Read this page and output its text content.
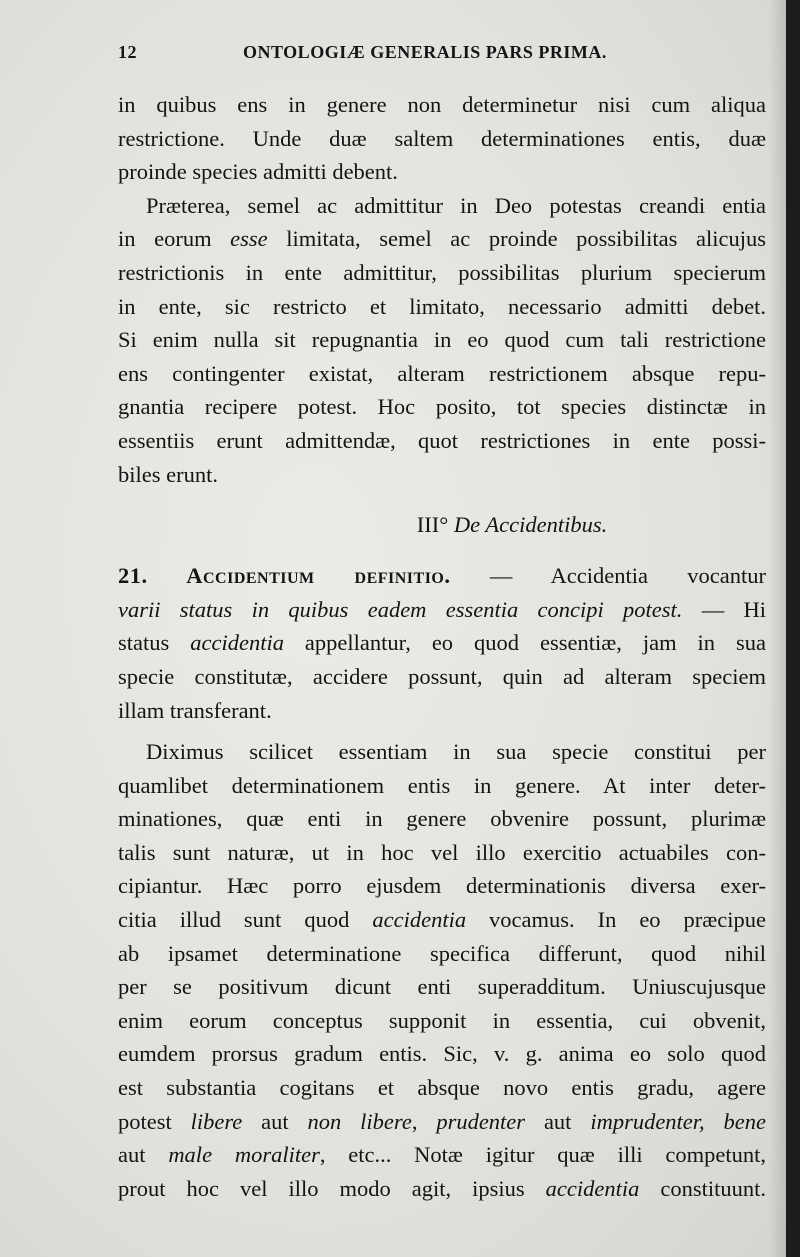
12	ONTOLOGIÆ GENERALIS PARS PRIMA.
in quibus ens in genere non determinetur nisi cum aliqua
restrictione. Unde duæ saltem determinationes entis, duæ
proinde species admitti debent.
Præterea, semel ac admittitur in Deo potestas creandi entia
in eorum esse limitata, semel ac proinde possibilitas alicujus
restrictionis in ente admittitur, possibilitas plurium specierum
in ente, sic restricto et limitato, necessario admitti debet.
Si enim nulla sit repugnantia in eo quod cum tali restrictione
ens contingenter existat, alteram restrictionem absque repu-
gnantia recipere potest. Hoc posito, tot species distinctæ in
essentiis erunt admittendæ, quot restrictiones in ente possi-
biles erunt.
III° De Accidentibus.
21. Accidentium definitio. — Accidentia vocantur
varii status in quibus eadem essentia concipi potest. — Hi
status accidentia appellantur, eo quod essentiæ, jam in sua
specie constitutæ, accidere possunt, quin ad alteram speciem
illam transferant.
Diximus scilicet essentiam in sua specie constitui per
quamlibet determinationem entis in genere. At inter deter-
minationes, quæ enti in genere obvenire possunt, plurimæ
talis sunt naturæ, ut in hoc vel illo exercitio actuabiles con-
cipiantur. Hæc porro ejusdem determinationis diversa exer-
citia illud sunt quod accidentia vocamus. In eo præcipue
ab ipsamet determinatione specifica differunt, quod nihil
per se positivum dicunt enti superadditum. Uniuscujusque
enim eorum conceptus supponit in essentia, cui obvenit,
eumdem prorsus gradum entis. Sic, v. g. anima eo solo quod
est substantia cogitans et absque novo entis gradu, agere
potest libere aut non libere, prudenter aut imprudenter, bene
aut male moraliter, etc... Notæ igitur quæ illi competunt,
prout hoc vel illo modo agit, ipsius accidentia constituunt.
